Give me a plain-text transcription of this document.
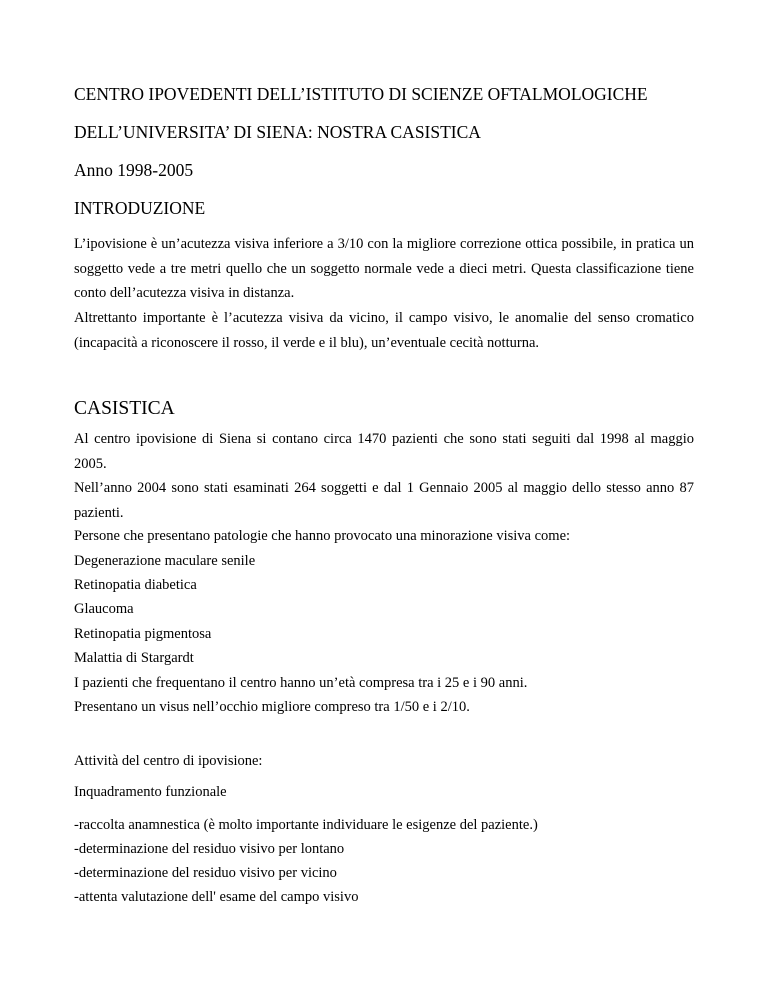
CENTRO IPOVEDENTI DELL’ISTITUTO DI SCIENZE OFTALMOLOGICHE
DELL’UNIVERSITA’ DI SIENA: NOSTRA CASISTICA
Anno 1998-2005
INTRODUZIONE
L’ipovisione è un’acutezza visiva inferiore a 3/10 con la migliore correzione ottica possibile, in pratica un soggetto vede a tre metri quello che un soggetto normale vede a dieci metri. Questa classificazione tiene conto dell’acutezza visiva in distanza.
Altrettanto importante è l’acutezza visiva da vicino, il campo visivo, le anomalie del senso cromatico (incapacità a riconoscere il rosso, il verde e il blu), un’eventuale cecità notturna.
CASISTICA
Al centro ipovisione di Siena si contano circa 1470 pazienti che sono stati seguiti dal 1998 al maggio 2005.
Nell’anno 2004 sono stati esaminati 264 soggetti e dal 1 Gennaio 2005 al maggio dello stesso anno 87 pazienti.
Persone che presentano patologie che hanno provocato una minorazione visiva come:
Degenerazione maculare senile
Retinopatia diabetica
Glaucoma
Retinopatia pigmentosa
Malattia di Stargardt
I pazienti che frequentano il centro hanno un’età compresa tra i 25 e i 90 anni.
Presentano un visus nell’occhio migliore compreso tra 1/50 e i 2/10.
Attività del centro di ipovisione:
Inquadramento funzionale
-raccolta anamnestica (è molto importante individuare le esigenze del paziente.)
-determinazione del residuo visivo per lontano
-determinazione del residuo visivo per vicino
-attenta valutazione dell' esame del campo visivo
